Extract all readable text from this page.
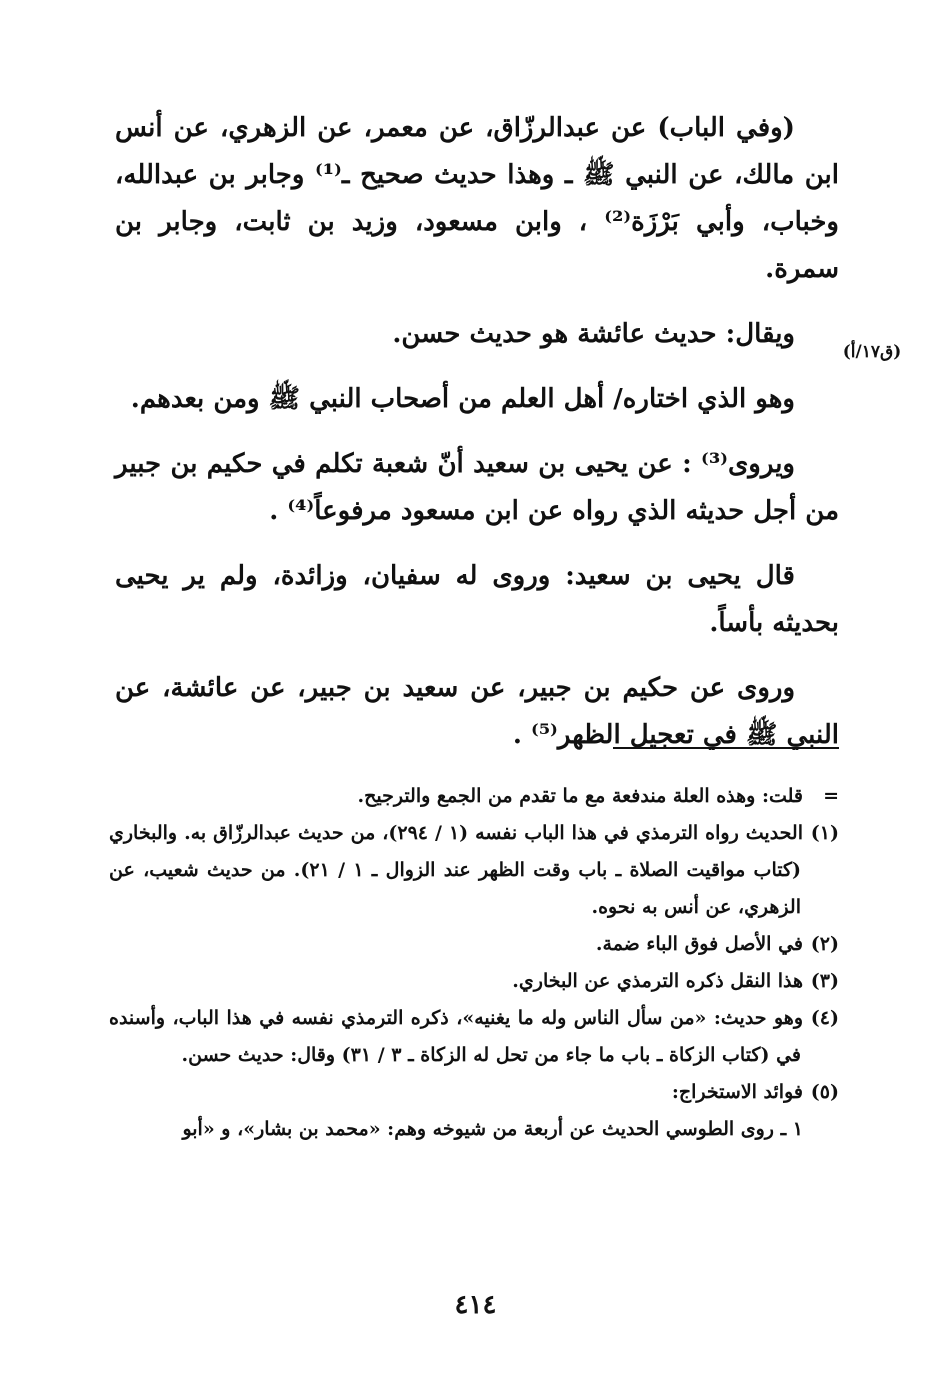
(وفي الباب) عن عبدالرزّاق، عن معمر، عن الزهري، عن أنس ابن مالك، عن النبي ﷺ ـ وهذا حديث صحيح ـ⁽¹⁾ وجابر بن عبدالله، وخباب، وأبي بَرْزَة⁽²⁾ ، وابن مسعود، وزيد بن ثابت، وجابر بن سمرة.

ويقال: حديث عائشة هو حديث حسن.

وهو الذي اختاره/ أهل العلم من أصحاب النبي ﷺ ومن بعدهم.

ويروى⁽³⁾ : عن يحيى بن سعيد أنّ شعبة تكلم في حكيم بن جبير من أجل حديثه الذي رواه عن ابن مسعود مرفوعاً⁽⁴⁾ .

قال يحيى بن سعيد: وروى له سفيان، وزائدة، ولم ير يحيى بحديثه بأساً.

وروى عن حكيم بن جبير، عن سعيد بن جبير، عن عائشة، عن النبي ﷺ في تعجيل الظهر⁽⁵⁾ .

(ق١٧/أ)

=قلت: وهذه العلة مندفعة مع ما تقدم من الجمع والترجيح.

(١)الحديث رواه الترمذي في هذا الباب نفسه (١ / ٢٩٤)، من حديث عبدالرزّاق به. والبخاري (كتاب مواقيت الصلاة ـ باب وقت الظهر عند الزوال ـ ١ / ٢١). من حديث شعيب، عن الزهري، عن أنس به نحوه.

(٢)في الأصل فوق الباء ضمة.

(٣)هذا النقل ذكره الترمذي عن البخاري.

(٤)وهو حديث: «من سأل الناس وله ما يغنيه»، ذكره الترمذي نفسه في هذا الباب، وأسنده في (كتاب الزكاة ـ باب ما جاء من تحل له الزكاة ـ ٣ / ٣١) وقال: حديث حسن.

(٥)فوائد الاستخراج:

١ ـ روى الطوسي الحديث عن أربعة من شيوخه وهم: «محمد بن بشار»، و «أبو

٤١٤
